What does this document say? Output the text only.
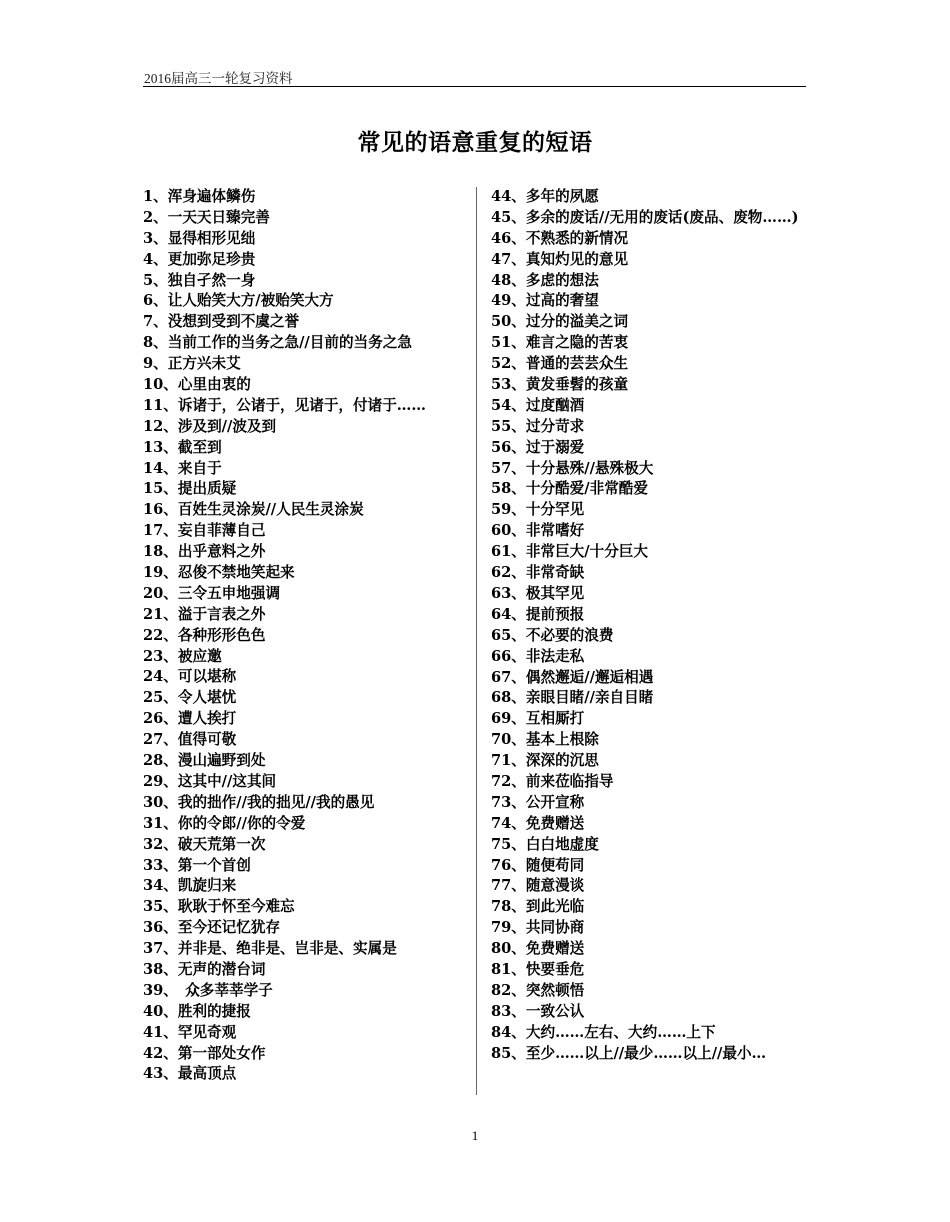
2016届高三一轮复习资料
常见的语意重复的短语
1、浑身遍体鳞伤
2、一天天日臻完善
3、显得相形见绌
4、更加弥足珍贵
5、独自孑然一身
6、让人贻笑大方/被贻笑大方
7、没想到受到不虞之誉
8、当前工作的当务之急//目前的当务之急
9、正方兴未艾
10、心里由衷的
11、诉诸于，公诸于，见诸于，付诸于……
12、涉及到//波及到
13、截至到
14、来自于
15、提出质疑
16、百姓生灵涂炭//人民生灵涂炭
17、妄自菲薄自己
18、出乎意料之外
19、忍俊不禁地笑起来
20、三令五申地强调
21、溢于言表之外
22、各种形形色色
23、被应邀
24、可以堪称
25、令人堪忧
26、遭人挨打
27、值得可敬
28、漫山遍野到处
29、这其中//这其间
30、我的拙作//我的拙见//我的愚见
31、你的令郎//你的令爱
32、破天荒第一次
33、第一个首创
34、凯旋归来
35、耿耿于怀至今难忘
36、至今还记忆犹存
37、并非是、绝非是、岂非是、实属是
38、无声的潜台词
39、　众多莘莘学子
40、胜利的捷报
41、罕见奇观
42、第一部处女作
43、最高顶点
44、多年的夙愿
45、多余的废话//无用的废话(废品、废物……)
46、不熟悉的新情况
47、真知灼见的意见
48、多虑的想法
49、过高的奢望
50、过分的溢美之词
51、难言之隐的苦衷
52、普通的芸芸众生
53、黄发垂髫的孩童
54、过度酗酒
55、过分苛求
56、过于溺爱
57、十分悬殊//悬殊极大
58、十分酷爱/非常酷爱
59、十分罕见
60、非常嗜好
61、非常巨大/十分巨大
62、非常奇缺
63、极其罕见
64、提前预报
65、不必要的浪费
66、非法走私
67、偶然邂逅//邂逅相遇
68、亲眼目睹//亲自目睹
69、互相厮打
70、基本上根除
71、深深的沉思
72、前来莅临指导
73、公开宣称
74、免费赠送
75、白白地虚度
76、随便苟同
77、随意漫谈
78、到此光临
79、共同协商
80、免费赠送
81、快要垂危
82、突然顿悟
83、一致公认
84、大约……左右、大约……上下
85、至少……以上//最少……以上//最小…
1
